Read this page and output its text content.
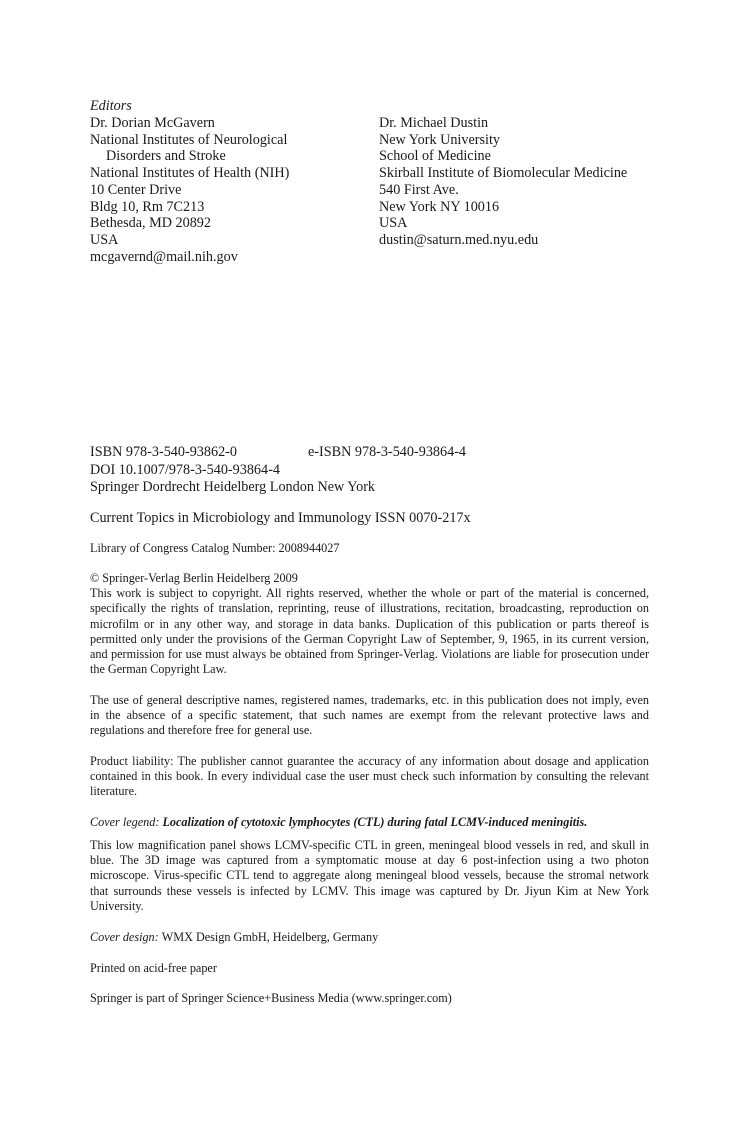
Editors
Dr. Dorian McGavern
National Institutes of Neurological
Disorders and Stroke
National Institutes of Health (NIH)
10 Center Drive
Bldg 10, Rm 7C213
Bethesda, MD 20892
USA
mcgavernd@mail.nih.gov
Dr. Michael Dustin
New York University
School of Medicine
Skirball Institute of Biomolecular Medicine
540 First Ave.
New York NY 10016
USA
dustin@saturn.med.nyu.edu
ISBN 978-3-540-93862-0	e-ISBN 978-3-540-93864-4
DOI 10.1007/978-3-540-93864-4
Springer Dordrecht Heidelberg London New York
Current Topics in Microbiology and Immunology ISSN 0070-217x
Library of Congress Catalog Number: 2008944027
© Springer-Verlag Berlin Heidelberg 2009

This work is subject to copyright. All rights reserved, whether the whole or part of the material is concerned, specifically the rights of translation, reprinting, reuse of illustrations, recitation, broadcasting, reproduction on microfilm or in any other way, and storage in data banks. Duplication of this publication or parts thereof is permitted only under the provisions of the German Copyright Law of September, 9, 1965, in its current version, and permission for use must always be obtained from Springer-Verlag. Violations are liable for prosecution under the German Copyright Law.

The use of general descriptive names, registered names, trademarks, etc. in this publication does not imply, even in the absence of a specific statement, that such names are exempt from the relevant protective laws and regulations and therefore free for general use.

Product liability: The publisher cannot guarantee the accuracy of any information about dosage and application contained in this book. In every individual case the user must check such information by consulting the relevant literature.

Cover legend: Localization of cytotoxic lymphocytes (CTL) during fatal LCMV-induced meningitis.

This low magnification panel shows LCMV-specific CTL in green, meningeal blood vessels in red, and skull in blue. The 3D image was captured from a symptomatic mouse at day 6 post-infection using a two photon microscope. Virus-specific CTL tend to aggregate along meningeal blood vessels, because the stromal network that surrounds these vessels is infected by LCMV. This image was captured by Dr. Jiyun Kim at New York University.

Cover design: WMX Design GmbH, Heidelberg, Germany
Printed on acid-free paper
Springer is part of Springer Science+Business Media (www.springer.com)
